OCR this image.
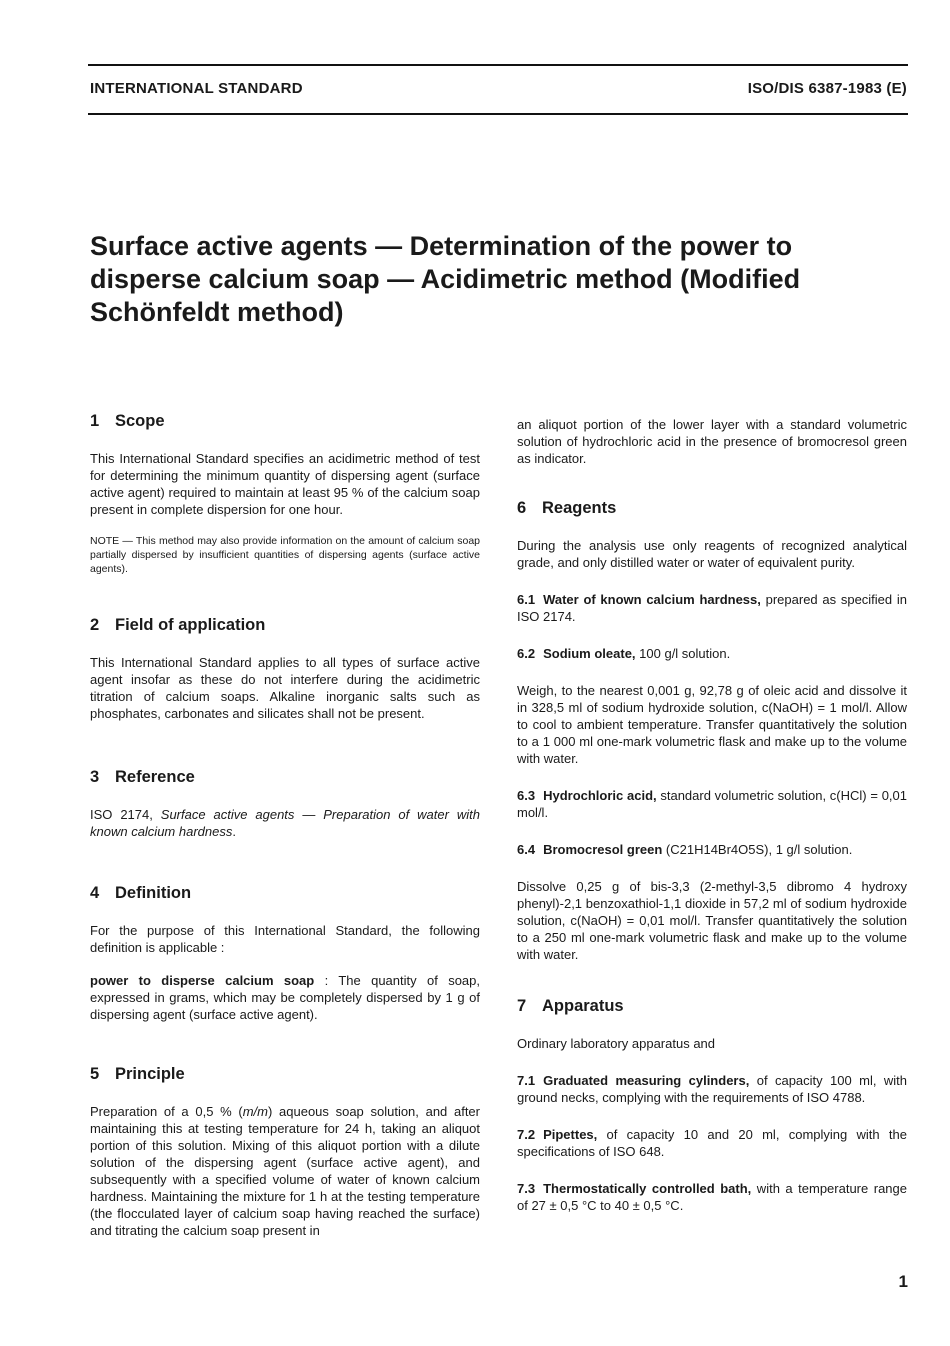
INTERNATIONAL STANDARD	ISO/DIS 6387-1983 (E)
Surface active agents — Determination of the power to disperse calcium soap — Acidimetric method (Modified Schönfeldt method)
1 Scope

This International Standard specifies an acidimetric method of test for determining the minimum quantity of dispersing agent (surface active agent) required to maintain at least 95 % of the calcium soap present in complete dispersion for one hour.

NOTE — This method may also provide information on the amount of calcium soap partially dispersed by insufficient quantities of dispersing agents (surface active agents).

2 Field of application

This International Standard applies to all types of surface active agent insofar as these do not interfere during the acidimetric titration of calcium soaps. Alkaline inorganic salts such as phosphates, carbonates and silicates shall not be present.

3 Reference

ISO 2174, Surface active agents — Preparation of water with known calcium hardness.

4 Definition

For the purpose of this International Standard, the following definition is applicable :

power to disperse calcium soap : The quantity of soap, expressed in grams, which may be completely dispersed by 1 g of dispersing agent (surface active agent).

5 Principle

Preparation of a 0,5 % (m/m) aqueous soap solution, and after maintaining this at testing temperature for 24 h, taking an aliquot portion of this solution. Mixing of this aliquot portion with a dilute solution of the dispersing agent (surface active agent), and subsequently with a specified volume of water of known calcium hardness. Maintaining the mixture for 1 h at the testing temperature (the flocculated layer of calcium soap having reached the surface) and titrating the calcium soap present in

an aliquot portion of the lower layer with a standard volumetric solution of hydrochloric acid in the presence of bromocresol green as indicator.

6 Reagents

During the analysis use only reagents of recognized analytical grade, and only distilled water or water of equivalent purity.

6.1 Water of known calcium hardness, prepared as specified in ISO 2174.

6.2 Sodium oleate, 100 g/l solution.

Weigh, to the nearest 0,001 g, 92,78 g of oleic acid and dissolve it in 328,5 ml of sodium hydroxide solution, c(NaOH) = 1 mol/l. Allow to cool to ambient temperature. Transfer quantitatively the solution to a 1 000 ml one-mark volumetric flask and make up to the volume with water.

6.3 Hydrochloric acid, standard volumetric solution, c(HCl) = 0,01 mol/l.

6.4 Bromocresol green (C21H14Br4O5S), 1 g/l solution.

Dissolve 0,25 g of bis-3,3 (2-methyl-3,5 dibromo 4 hydroxy phenyl)-2,1 benzoxathiol-1,1 dioxide in 57,2 ml of sodium hydroxide solution, c(NaOH) = 0,01 mol/l. Transfer quantitatively the solution to a 250 ml one-mark volumetric flask and make up to the volume with water.

7 Apparatus

Ordinary laboratory apparatus and

7.1 Graduated measuring cylinders, of capacity 100 ml, with ground necks, complying with the requirements of ISO 4788.

7.2 Pipettes, of capacity 10 and 20 ml, complying with the specifications of ISO 648.

7.3 Thermostatically controlled bath, with a temperature range of 27 ± 0,5 °C to 40 ± 0,5 °C.

1
